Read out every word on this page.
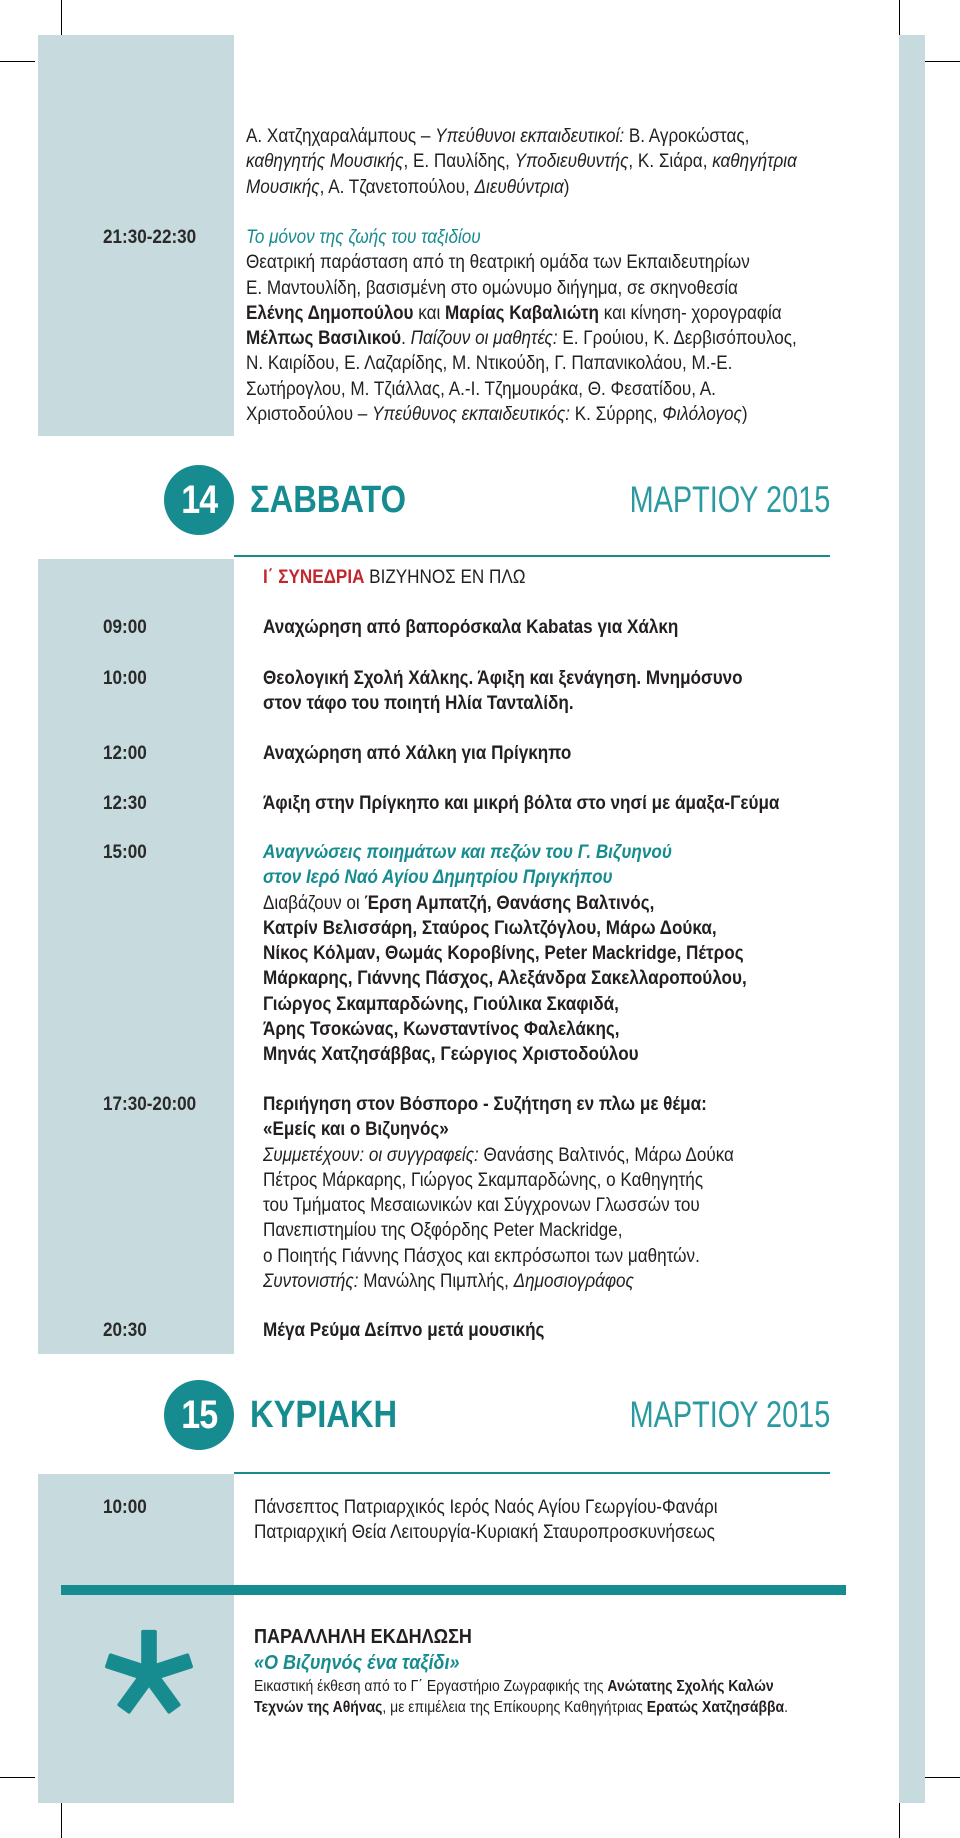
Α. Χατζηχαραλάμπους – Υπεύθυνοι εκπαιδευτικοί: Β. Αγροκώστας,
καθηγητής Μουσικής, Ε. Παυλίδης, Υποδιευθυντής, Κ. Σιάρα, καθηγήτρια
Μουσικής, Α. Τζανετοπούλου, Διευθύντρια)
21:30-22:30	Το μόνον της ζωής του ταξιδίου
Θεατρική παράσταση από τη θεατρική ομάδα των Εκπαιδευτηρίων
Ε. Μαντουλίδη, βασισμένη στο ομώνυμο διήγημα, σε σκηνοθεσία
Ελένης Δημοπούλου και Μαρίας Καβαλιώτη και κίνηση- χορογραφία
Μέλπως Βασιλικού. Παίζουν οι μαθητές: Ε. Γρούιου, Κ. Δερβισόπουλος,
Ν. Καιρίδου, Ε. Λαζαρίδης, Μ. Ντικούδη, Γ. Παπανικολάου, Μ.-Ε.
Σωτήρογλου, Μ. Τζιάλλας, Α.-Ι. Τζημουράκα, Θ. Φεσατίδου, Α.
Χριστοδούλου – Υπεύθυνος εκπαιδευτικός: Κ. Σύρρης, Φιλόλογος)
14 ΣΑΒΒΑΤΟ	ΜΑΡΤΙΟΥ 2015
Ι΄ ΣΥΝΕΔΡΙΑ ΒΙΖΥΗΝΟΣ ΕΝ ΠΛΩ
09:00	Αναχώρηση από βαπορόσκαλα Kabatas για Χάλκη
10:00	Θεολογική Σχολή Χάλκης. Άφιξη και ξενάγηση. Μνημόσυνο
στον τάφο του ποιητή Ηλία Τανταλίδη.
12:00	Αναχώρηση από Χάλκη για Πρίγκηπο
12:30	Άφιξη στην Πρίγκηπο και μικρή βόλτα στο νησί με άμαξα-Γεύμα
15:00	Αναγνώσεις ποιημάτων και πεζών του Γ. Βιζυηνού
στον Ιερό Ναό Αγίου Δημητρίου Πριγκήπου
Διαβάζουν οι Έρση Αμπατζή, Θανάσης Βαλτινός,
Κατρίν Βελισσάρη, Σταύρος Γιωλτζόγλου, Μάρω Δούκα,
Νίκος Κόλμαν, Θωμάς Κοροβίνης, Peter Mackridge, Πέτρος
Μάρκαρης, Γιάννης Πάσχος, Αλεξάνδρα Σακελλαροπούλου,
Γιώργος Σκαμπαρδώνης, Γιούλικα Σκαφιδά,
Άρης Τσοκώνας, Κωνσταντίνος Φαλελάκης,
Μηνάς Χατζησάββας, Γεώργιος Χριστοδούλου
17:30-20:00	Περιήγηση στον Βόσπορο - Συζήτηση εν πλω με θέμα:
«Εμείς και ο Βιζυηνός»
Συμμετέχουν: οι συγγραφείς: Θανάσης Βαλτινός, Μάρω Δούκα
Πέτρος Μάρκαρης, Γιώργος Σκαμπαρδώνης, ο Καθηγητής
του Τμήματος Μεσαιωνικών και Σύγχρονων Γλωσσών του
Πανεπιστημίου της Οξφόρδης Peter Mackridge,
ο Ποιητής Γιάννης Πάσχος και εκπρόσωποι των μαθητών.
Συντονιστής: Μανώλης Πιμπλής, Δημοσιογράφος
20:30	Μέγα Ρεύμα Δείπνο μετά μουσικής
15 ΚΥΡΙΑΚΗ	ΜΑΡΤΙΟΥ 2015
10:00	Πάνσεπτος Πατριαρχικός Ιερός Ναός Αγίου Γεωργίου-Φανάρι
Πατριαρχική Θεία Λειτουργία-Κυριακή Σταυροπροσκυνήσεως
ΠΑΡΑΛΛΗΛΗ ΕΚΔΗΛΩΣΗ
«Ο Βιζυηνός ένα ταξίδι»
Εικαστική έκθεση από το Γ΄ Εργαστήριο Ζωγραφικής της Ανώτατης Σχολής Καλών
Τεχνών της Αθήνας, με επιμέλεια της Επίκουρης Καθηγήτριας Ερατώς Χατζησάββα.
